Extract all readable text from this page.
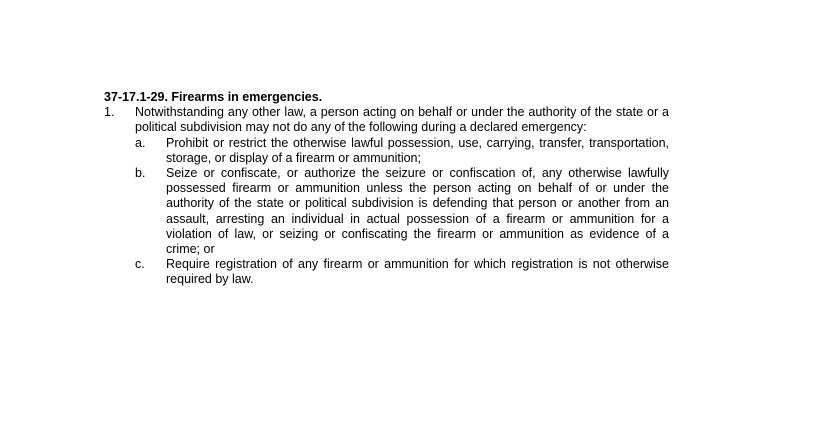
37-17.1-29. Firearms in emergencies.
1.	Notwithstanding any other law, a person acting on behalf or under the authority of the state or a political subdivision may not do any of the following during a declared emergency:
a.	Prohibit or restrict the otherwise lawful possession, use, carrying, transfer, transportation, storage, or display of a firearm or ammunition;
b.	Seize or confiscate, or authorize the seizure or confiscation of, any otherwise lawfully possessed firearm or ammunition unless the person acting on behalf of or under the authority of the state or political subdivision is defending that person or another from an assault, arresting an individual in actual possession of a firearm or ammunition for a violation of law, or seizing or confiscating the firearm or ammunition as evidence of a crime; or
c.	Require registration of any firearm or ammunition for which registration is not otherwise required by law.
